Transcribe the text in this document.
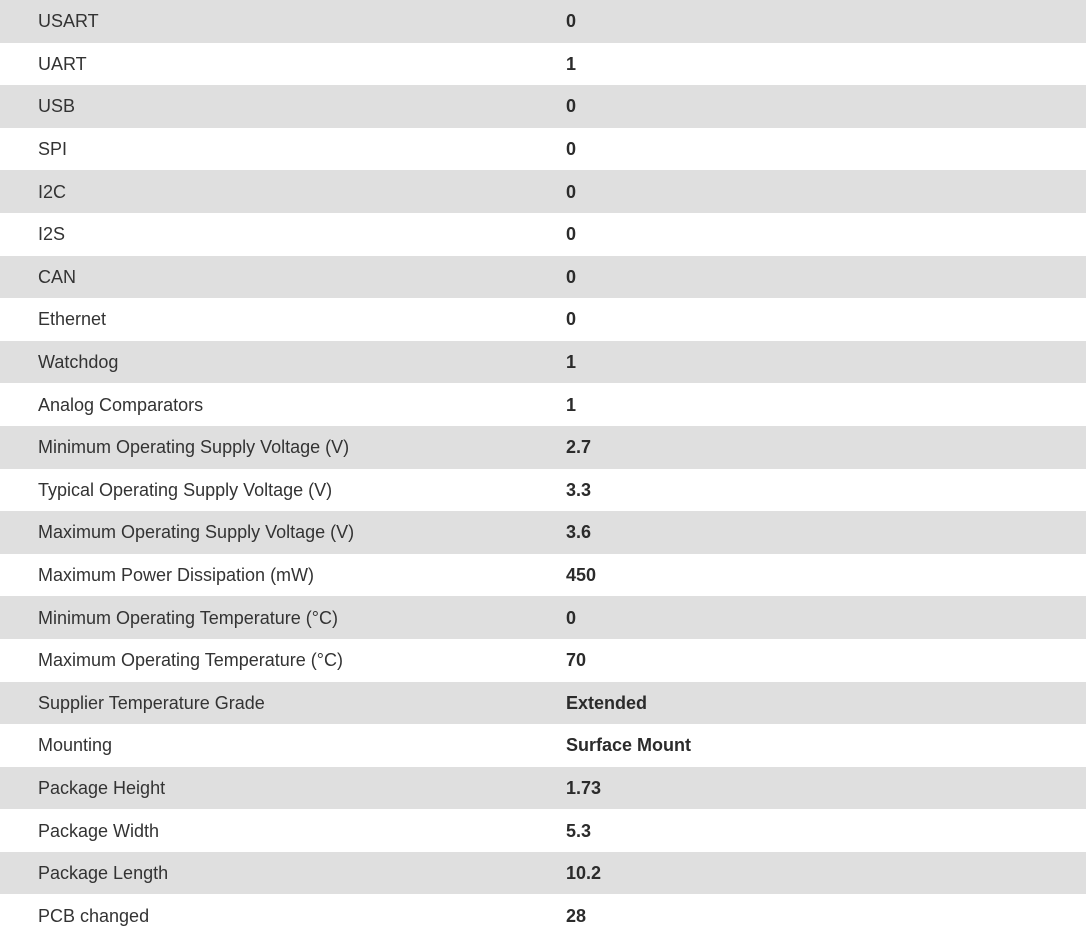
USART	0
UART	1
USB	0
SPI	0
I2C	0
I2S	0
CAN	0
Ethernet	0
Watchdog	1
Analog Comparators	1
Minimum Operating Supply Voltage (V)	2.7
Typical Operating Supply Voltage (V)	3.3
Maximum Operating Supply Voltage (V)	3.6
Maximum Power Dissipation (mW)	450
Minimum Operating Temperature (°C)	0
Maximum Operating Temperature (°C)	70
Supplier Temperature Grade	Extended
Mounting	Surface Mount
Package Height	1.73
Package Width	5.3
Package Length	10.2
PCB changed	28
